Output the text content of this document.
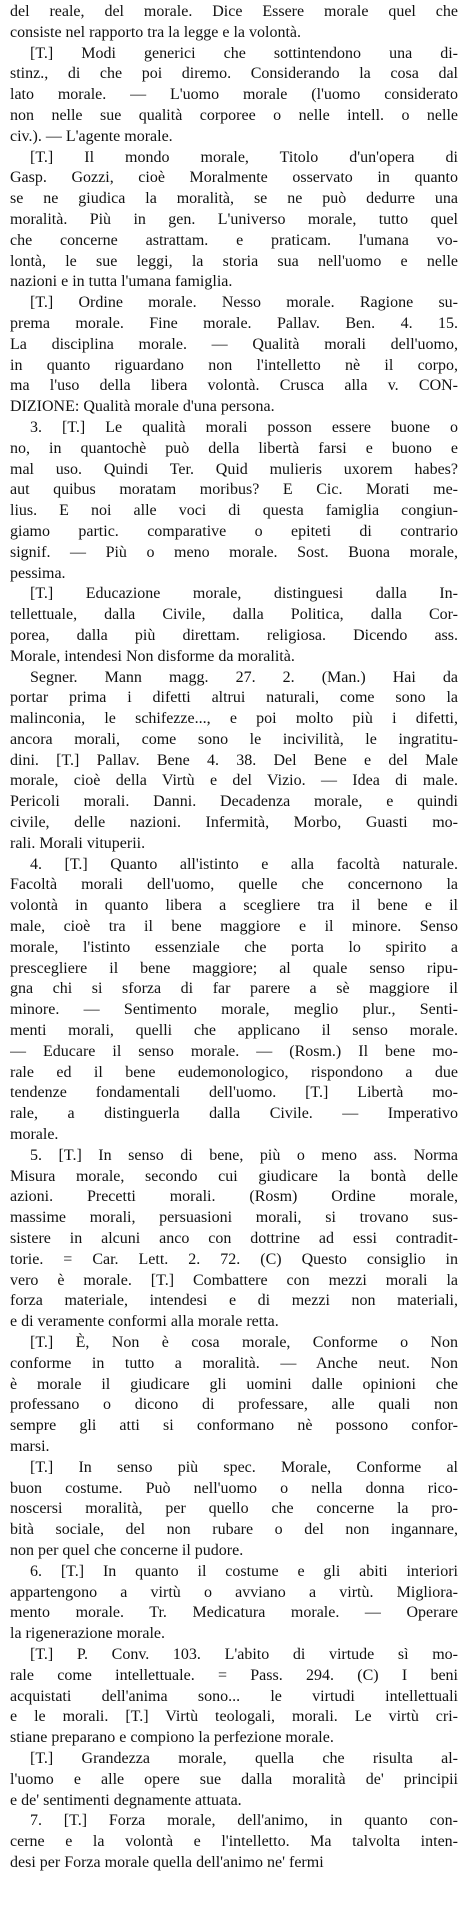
del reale, del morale. Dice Essere morale quel che
consiste nel rapporto tra la legge e la volontà.
[T.] Modi generici che sottintendono una di-
stinz., di che poi diremo. Considerando la cosa dal
lato morale. — L'uomo morale (l'uomo considerato
non nelle sue qualità corporee o nelle intell. o nelle
civ.). — L'agente morale.
[T.] Il mondo morale, Titolo d'un'opera di
Gasp. Gozzi, cioè Moralmente osservato in quanto
se ne giudica la moralità, se ne può dedurre una
moralità. Più in gen. L'universo morale, tutto quel
che concerne astrattam. e praticam. l'umana vo-
lontà, le sue leggi, la storia sua nell'uomo e nelle
nazioni e in tutta l'umana famiglia.
[T.] Ordine morale. Nesso morale. Ragione su-
prema morale. Fine morale. Pallav. Ben. 4. 15.
La disciplina morale. — Qualità morali dell'uomo,
in quanto riguardano non l'intelletto nè il corpo,
ma l'uso della libera volontà. Crusca alla v. CON-
DIZIONE: Qualità morale d'una persona.
3. [T.] Le qualità morali posson essere buone o
no, in quantochè può della libertà farsi e buono e
mal uso. Quindi Ter. Quid mulieris uxorem habes?
aut quibus moratam moribus? E Cic. Morati me-
lius. E noi alle voci di questa famiglia congiun-
giamo partic. comparative o epiteti di contrario
signif. — Più o meno morale. Sost. Buona morale,
pessima.
[T.] Educazione morale, distinguesi dalla In-
tellettuale, dalla Civile, dalla Politica, dalla Cor-
porea, dalla più direttam. religiosa. Dicendo ass.
Morale, intendesi Non disforme da moralità.
Segner. Mann magg. 27. 2. (Man.) Hai da
portar prima i difetti altrui naturali, come sono la
malinconia, le schifezze..., e poi molto più i difetti,
ancora morali, come sono le incivilità, le ingratitu-
dini. [T.] Pallav. Bene 4. 38. Del Bene e del Male
morale, cioè della Virtù e del Vizio. — Idea di male.
Pericoli morali. Danni. Decadenza morale, e quindi
civile, delle nazioni. Infermità, Morbo, Guasti mo-
rali. Morali vituperii.
4. [T.] Quanto all'istinto e alla facoltà naturale.
Facoltà morali dell'uomo, quelle che concernono la
volontà in quanto libera a scegliere tra il bene e il
male, cioè tra il bene maggiore e il minore. Senso
morale, l'istinto essenziale che porta lo spirito a
prescegliere il bene maggiore; al quale senso ripu-
gna chi si sforza di far parere a sè maggiore il
minore. — Sentimento morale, meglio plur., Senti-
menti morali, quelli che applicano il senso morale.
— Educare il senso morale. — (Rosm.) Il bene mo-
rale ed il bene eudemonologico, rispondono a due
tendenze fondamentali dell'uomo. [T.] Libertà mo-
rale, a distinguerla dalla Civile. — Imperativo
morale.
5. [T.] In senso di bene, più o meno ass. Norma
Misura morale, secondo cui giudicare la bontà delle
azioni. Precetti morali. (Rosm) Ordine morale,
massime morali, persuasioni morali, si trovano sus-
sistere in alcuni anco con dottrine ad essi contradit-
torie. = Car. Lett. 2. 72. (C) Questo consiglio in
vero è morale. [T.] Combattere con mezzi morali la
forza materiale, intendesi e di mezzi non materiali,
e di veramente conformi alla morale retta.
[T.] È, Non è cosa morale, Conforme o Non
conforme in tutto a moralità. — Anche neut. Non
è morale il giudicare gli uomini dalle opinioni che
professano o dicono di professare, alle quali non
sempre gli atti si conformano nè possono confor-
marsi.
[T.] In senso più spec. Morale, Conforme al
buon costume. Può nell'uomo o nella donna rico-
noscersi moralità, per quello che concerne la pro-
bità sociale, del non rubare o del non ingannare,
non per quel che concerne il pudore.
6. [T.] In quanto il costume e gli abiti interiori
appartengono a virtù o avviano a virtù. Migliora-
mento morale. Tr. Medicatura morale. — Operare
la rigenerazione morale.
[T.] P. Conv. 103. L'abito di virtude sì mo-
rale come intellettuale. = Pass. 294. (C) I beni
acquistati dell'anima sono... le virtudi intellettuali
e le morali. [T.] Virtù teologali, morali. Le virtù cri-
stiane preparano e compiono la perfezione morale.
[T.] Grandezza morale, quella che risulta al-
l'uomo e alle opere sue dalla moralità de' principii
e de' sentimenti degnamente attuata.
7. [T.] Forza morale, dell'animo, in quanto con-
cerne e la volontà e l'intelletto. Ma talvolta inten-
desi per Forza morale quella dell'animo ne' fermi
